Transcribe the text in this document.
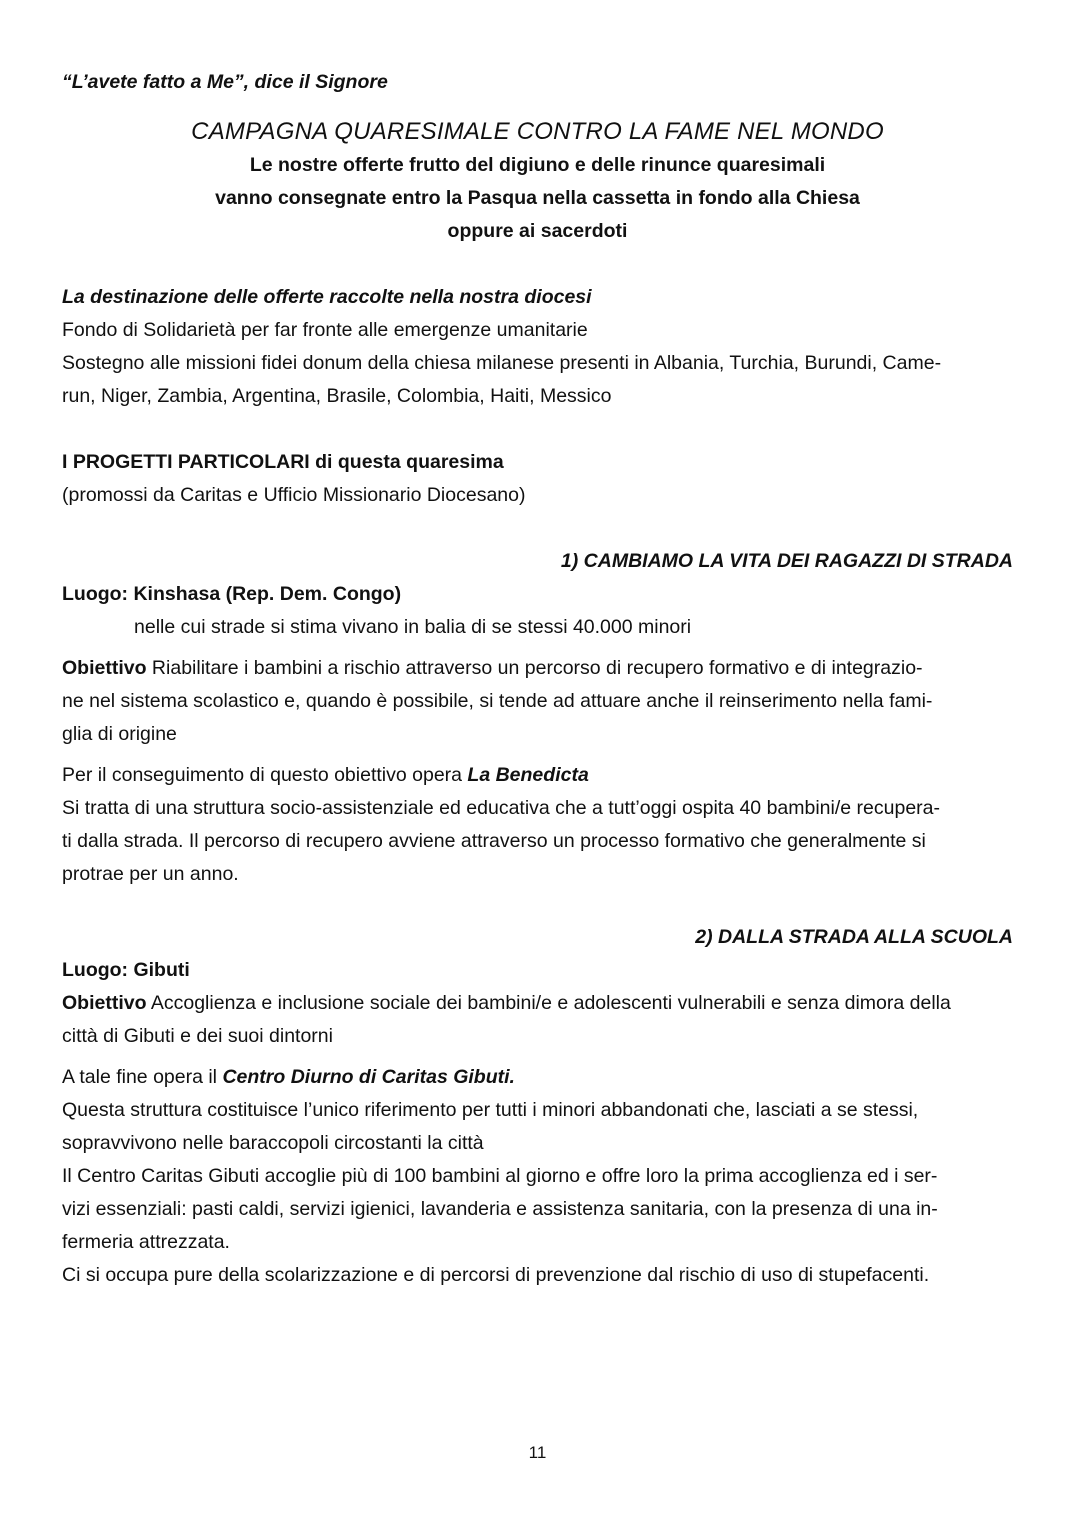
“L’avete fatto a Me”, dice il Signore

CAMPAGNA QUARESIMALE CONTRO LA FAME NEL MONDO
Le nostre offerte frutto del digiuno e delle rinunce quaresimali
vanno consegnate entro la Pasqua nella cassetta in fondo alla Chiesa
oppure ai sacerdoti

La destinazione delle offerte raccolte nella nostra diocesi

Fondo di Solidarietà per far fronte alle emergenze umanitarie

Sostegno alle missioni fidei donum della chiesa milanese presenti in Albania, Turchia, Burundi, Came-

run, Niger, Zambia, Argentina, Brasile, Colombia, Haiti, Messico

I PROGETTI PARTICOLARI di questa quaresima

(promossi da Caritas e Ufficio Missionario Diocesano)

1) CAMBIAMO LA VITA DEI RAGAZZI DI STRADA

Luogo: Kinshasa (Rep. Dem. Congo)

nelle cui strade si stima vivano in balia di se stessi 40.000 minori

Obiettivo Riabilitare i bambini a rischio attraverso un percorso di recupero formativo e di integrazio-
ne nel sistema scolastico e, quando è possibile, si tende ad attuare anche il reinserimento nella fami-
glia di origine

Per il conseguimento di questo obiettivo opera La Benedicta

Si tratta di una struttura socio-assistenziale ed educativa che a tutt’oggi ospita 40 bambini/e recupera-
ti dalla strada. Il percorso di recupero avviene attraverso un processo formativo che generalmente si
protrae per un anno.

2) DALLA STRADA ALLA SCUOLA

Luogo: Gibuti

Obiettivo Accoglienza e inclusione sociale dei bambini/e e adolescenti vulnerabili e senza dimora della
città di Gibuti e dei suoi dintorni

A tale fine opera il Centro Diurno di Caritas Gibuti.

Questa struttura costituisce l’unico riferimento per tutti i minori abbandonati che, lasciati a se stessi,
sopravvivono nelle baraccopoli circostanti la città
Il Centro Caritas Gibuti accoglie più di 100 bambini al giorno e offre loro la prima accoglienza ed i ser-
vizi essenziali: pasti caldi, servizi igienici, lavanderia e assistenza sanitaria, con la presenza di una in-
fermeria attrezzata.
Ci si occupa pure della scolarizzazione e di percorsi di prevenzione dal rischio di uso di stupefacenti.

11
